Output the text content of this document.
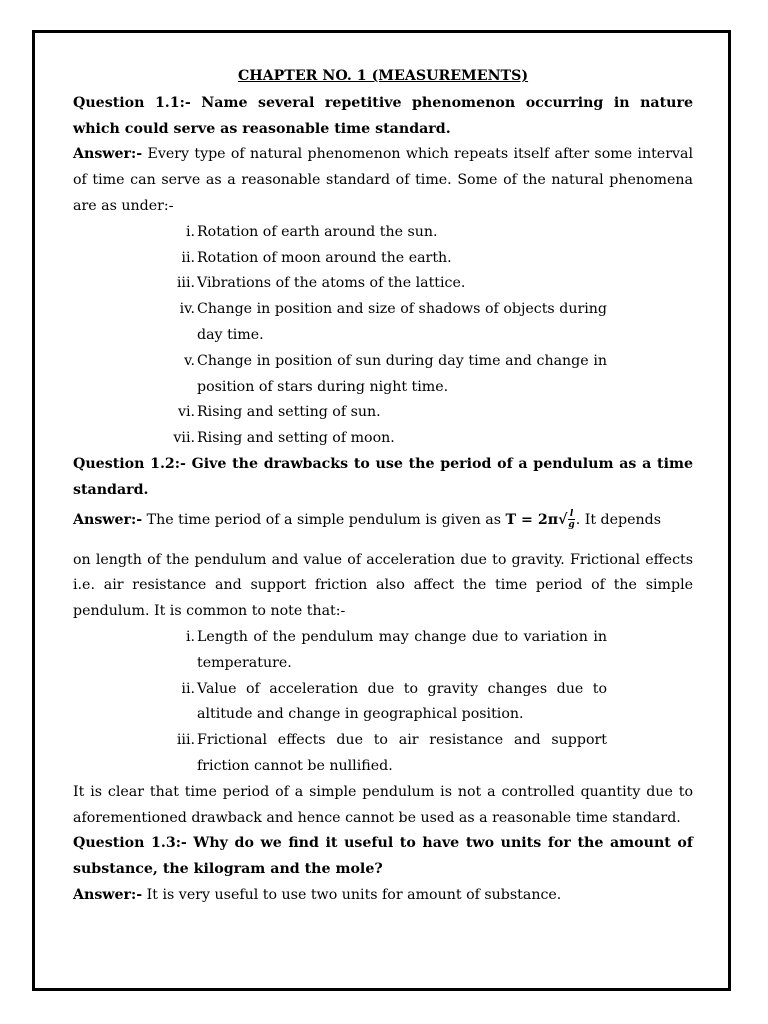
CHAPTER NO. 1 (MEASUREMENTS)

Question 1.1:- Name several repetitive phenomenon occurring in nature which could serve as reasonable time standard.

Answer:- Every type of natural phenomenon which repeats itself after some interval of time can serve as a reasonable standard of time. Some of the natural phenomena are as under:-

i. Rotation of earth around the sun.
ii. Rotation of moon around the earth.
iii. Vibrations of the atoms of the lattice.
iv. Change in position and size of shadows of objects during day time.
v. Change in position of sun during day time and change in position of stars during night time.
vi. Rising and setting of sun.
vii. Rising and setting of moon.

Question 1.2:- Give the drawbacks to use the period of a pendulum as a time standard.

Answer:- The time period of a simple pendulum is given as $T = 2\pi√ \frac{l}{g}$ . It depends

on length of the pendulum and value of acceleration due to gravity. Frictional effects i.e. air resistance and support friction also affect the time period of the simple pendulum. It is common to note that:-

i. Length of the pendulum may change due to variation in temperature.
ii. Value of acceleration due to gravity changes due to altitude and change in geographical position.
iii. Frictional effects due to air resistance and support friction cannot be nullified.

It is clear that time period of a simple pendulum is not a controlled quantity due to aforementioned drawback and hence cannot be used as a reasonable time standard.

Question 1.3:- Why do we find it useful to have two units for the amount of substance, the kilogram and the mole?

Answer:- It is very useful to use two units for amount of substance.
